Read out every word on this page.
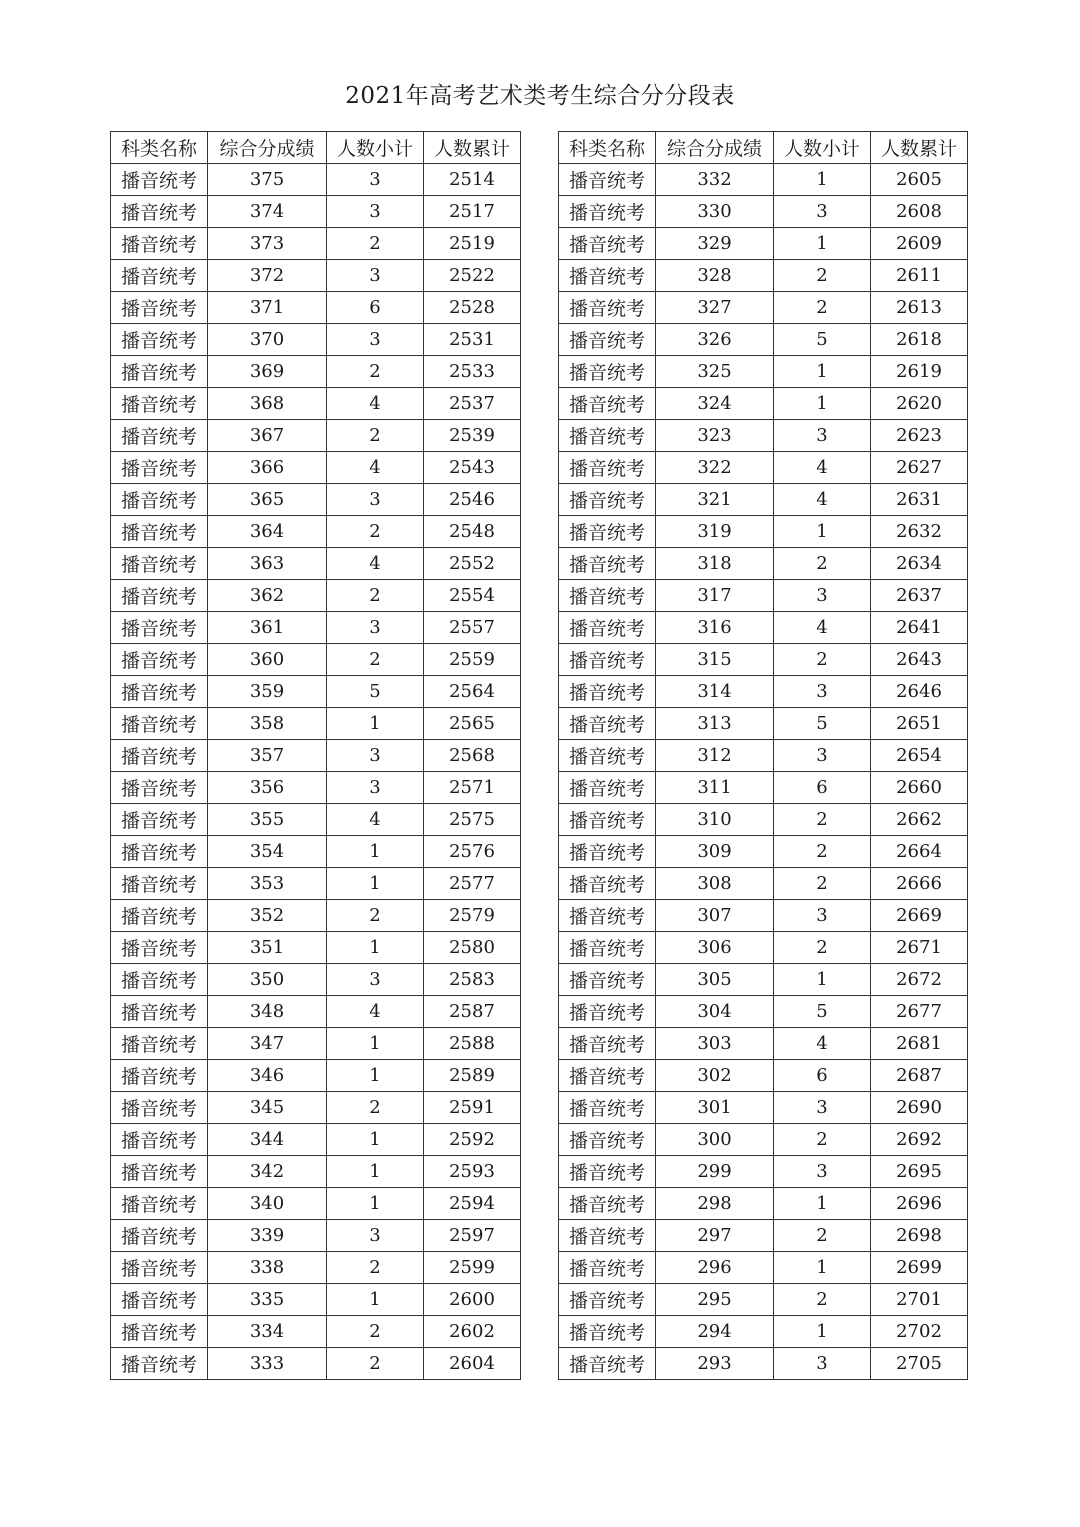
2021年高考艺术类考生综合分分段表
科类名称	综合分成绩	人数小计	人数累计
播音统考	375	3	2514
播音统考	374	3	2517
播音统考	373	2	2519
播音统考	372	3	2522
播音统考	371	6	2528
播音统考	370	3	2531
播音统考	369	2	2533
播音统考	368	4	2537
播音统考	367	2	2539
播音统考	366	4	2543
播音统考	365	3	2546
播音统考	364	2	2548
播音统考	363	4	2552
播音统考	362	2	2554
播音统考	361	3	2557
播音统考	360	2	2559
播音统考	359	5	2564
播音统考	358	1	2565
播音统考	357	3	2568
播音统考	356	3	2571
播音统考	355	4	2575
播音统考	354	1	2576
播音统考	353	1	2577
播音统考	352	2	2579
播音统考	351	1	2580
播音统考	350	3	2583
播音统考	348	4	2587
播音统考	347	1	2588
播音统考	346	1	2589
播音统考	345	2	2591
播音统考	344	1	2592
播音统考	342	1	2593
播音统考	340	1	2594
播音统考	339	3	2597
播音统考	338	2	2599
播音统考	335	1	2600
播音统考	334	2	2602
播音统考	333	2	2604
科类名称	综合分成绩	人数小计	人数累计
播音统考	332	1	2605
播音统考	330	3	2608
播音统考	329	1	2609
播音统考	328	2	2611
播音统考	327	2	2613
播音统考	326	5	2618
播音统考	325	1	2619
播音统考	324	1	2620
播音统考	323	3	2623
播音统考	322	4	2627
播音统考	321	4	2631
播音统考	319	1	2632
播音统考	318	2	2634
播音统考	317	3	2637
播音统考	316	4	2641
播音统考	315	2	2643
播音统考	314	3	2646
播音统考	313	5	2651
播音统考	312	3	2654
播音统考	311	6	2660
播音统考	310	2	2662
播音统考	309	2	2664
播音统考	308	2	2666
播音统考	307	3	2669
播音统考	306	2	2671
播音统考	305	1	2672
播音统考	304	5	2677
播音统考	303	4	2681
播音统考	302	6	2687
播音统考	301	3	2690
播音统考	300	2	2692
播音统考	299	3	2695
播音统考	298	1	2696
播音统考	297	2	2698
播音统考	296	1	2699
播音统考	295	2	2701
播音统考	294	1	2702
播音统考	293	3	2705
